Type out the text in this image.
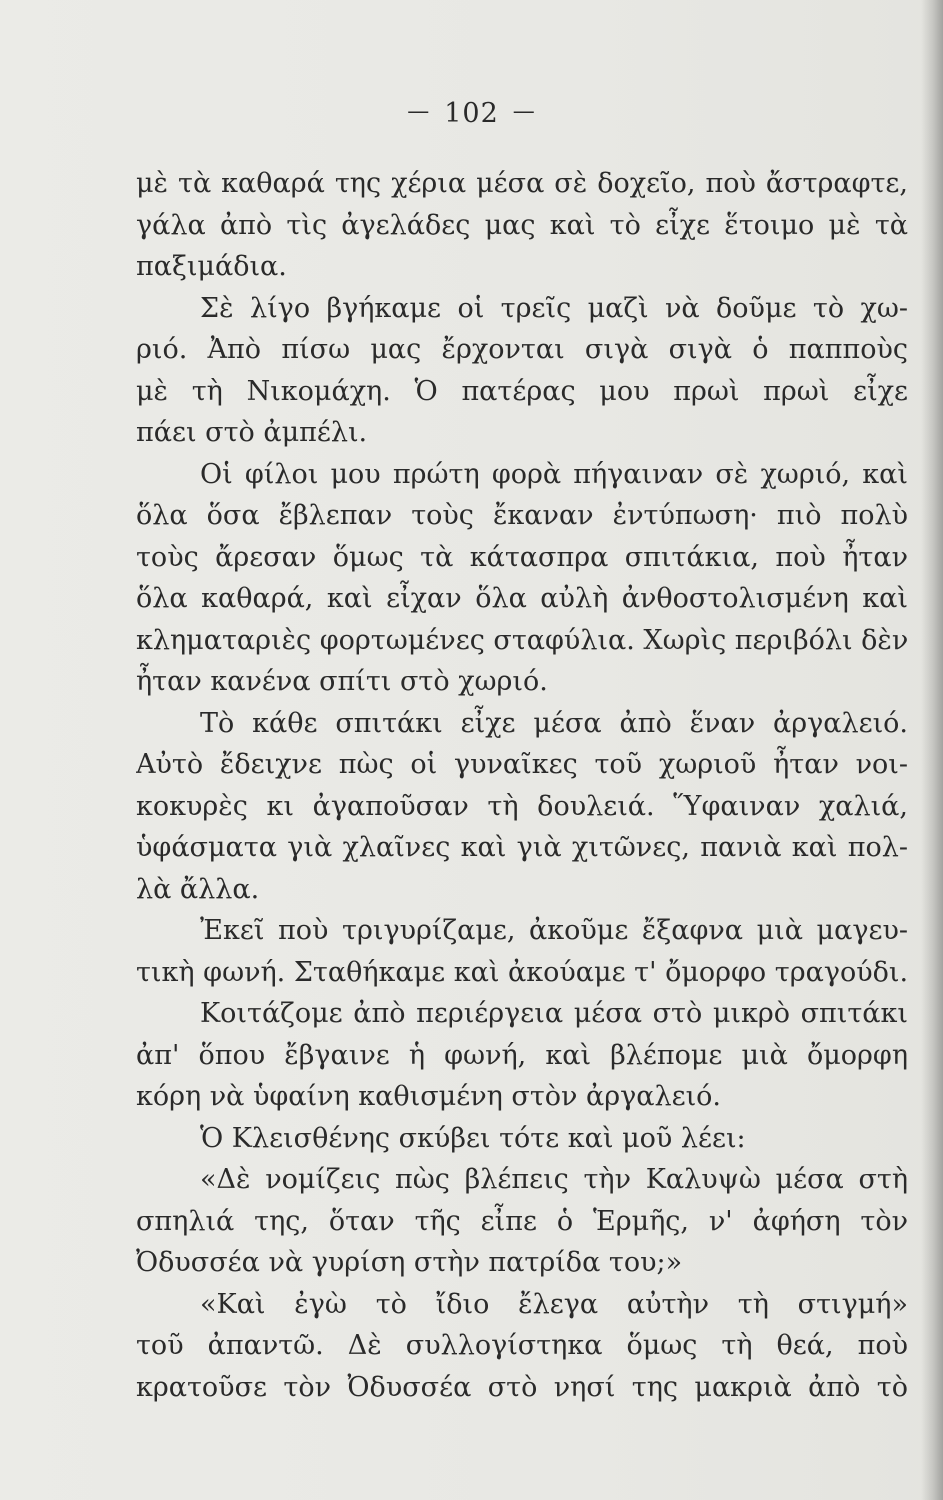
— 102 —
μὲ τὰ καθαρά της χέρια μέσα σὲ δοχεῖο, ποὺ ἄστραφτε,
γάλα ἀπὸ τὶς ἀγελάδες μας καὶ τὸ εἶχε ἕτοιμο μὲ τὰ
παξιμάδια.
Σὲ λίγο βγήκαμε οἱ τρεῖς μαζὶ νὰ δοῦμε τὸ χω-
ριό. Ἀπὸ πίσω μας ἔρχονται σιγὰ σιγὰ ὁ παπποὺς
μὲ τὴ Νικομάχη. Ὁ πατέρας μου πρωὶ πρωὶ εἶχε
πάει στὸ ἀμπέλι.
Οἱ φίλοι μου πρώτη φορὰ πήγαιναν σὲ χωριό, καὶ
ὅλα ὅσα ἔβλεπαν τοὺς ἔκαναν ἐντύπωση· πιὸ πολὺ
τοὺς ἄρεσαν ὅμως τὰ κάτασπρα σπιτάκια, ποὺ ἦταν
ὅλα καθαρά, καὶ εἶχαν ὅλα αὐλὴ ἀνθοστολισμένη καὶ
κληματαριὲς φορτωμένες σταφύλια. Χωρὶς περιβόλι δὲν
ἦταν κανένα σπίτι στὸ χωριό.
Τὸ κάθε σπιτάκι εἶχε μέσα ἀπὸ ἕναν ἀργαλειό.
Αὐτὸ ἔδειχνε πὼς οἱ γυναῖκες τοῦ χωριοῦ ἦταν νοι-
κοκυρὲς κι ἀγαποῦσαν τὴ δουλειά. Ὕφαιναν χαλιά,
ὑφάσματα γιὰ χλαῖνες καὶ γιὰ χιτῶνες, πανιὰ καὶ πολ-
λὰ ἄλλα.
Ἐκεῖ ποὺ τριγυρίζαμε, ἀκοῦμε ἔξαφνα μιὰ μαγευ-
τικὴ φωνή. Σταθήκαμε καὶ ἀκούαμε τ' ὄμορφο τραγούδι.
Κοιτάζομε ἀπὸ περιέργεια μέσα στὸ μικρὸ σπιτάκι
ἀπ' ὅπου ἔβγαινε ἡ φωνή, καὶ βλέπομε μιὰ ὄμορφη
κόρη νὰ ὑφαίνη καθισμένη στὸν ἀργαλειό.
Ὁ Κλεισθένης σκύβει τότε καὶ μοῦ λέει:
«Δὲ νομίζεις πὼς βλέπεις τὴν Καλυψὼ μέσα στὴ
σπηλιά της, ὅταν τῆς εἶπε ὁ Ἑρμῆς, ν' ἀφήση τὸν
Ὀδυσσέα νὰ γυρίση στὴν πατρίδα του;»
«Καὶ ἐγὼ τὸ ἴδιο ἔλεγα αὐτὴν τὴ στιγμή»
τοῦ ἀπαντῶ. Δὲ συλλογίστηκα ὅμως τὴ θεά, ποὺ
κρατοῦσε τὸν Ὀδυσσέα στὸ νησί της μακριὰ ἀπὸ τὸ
